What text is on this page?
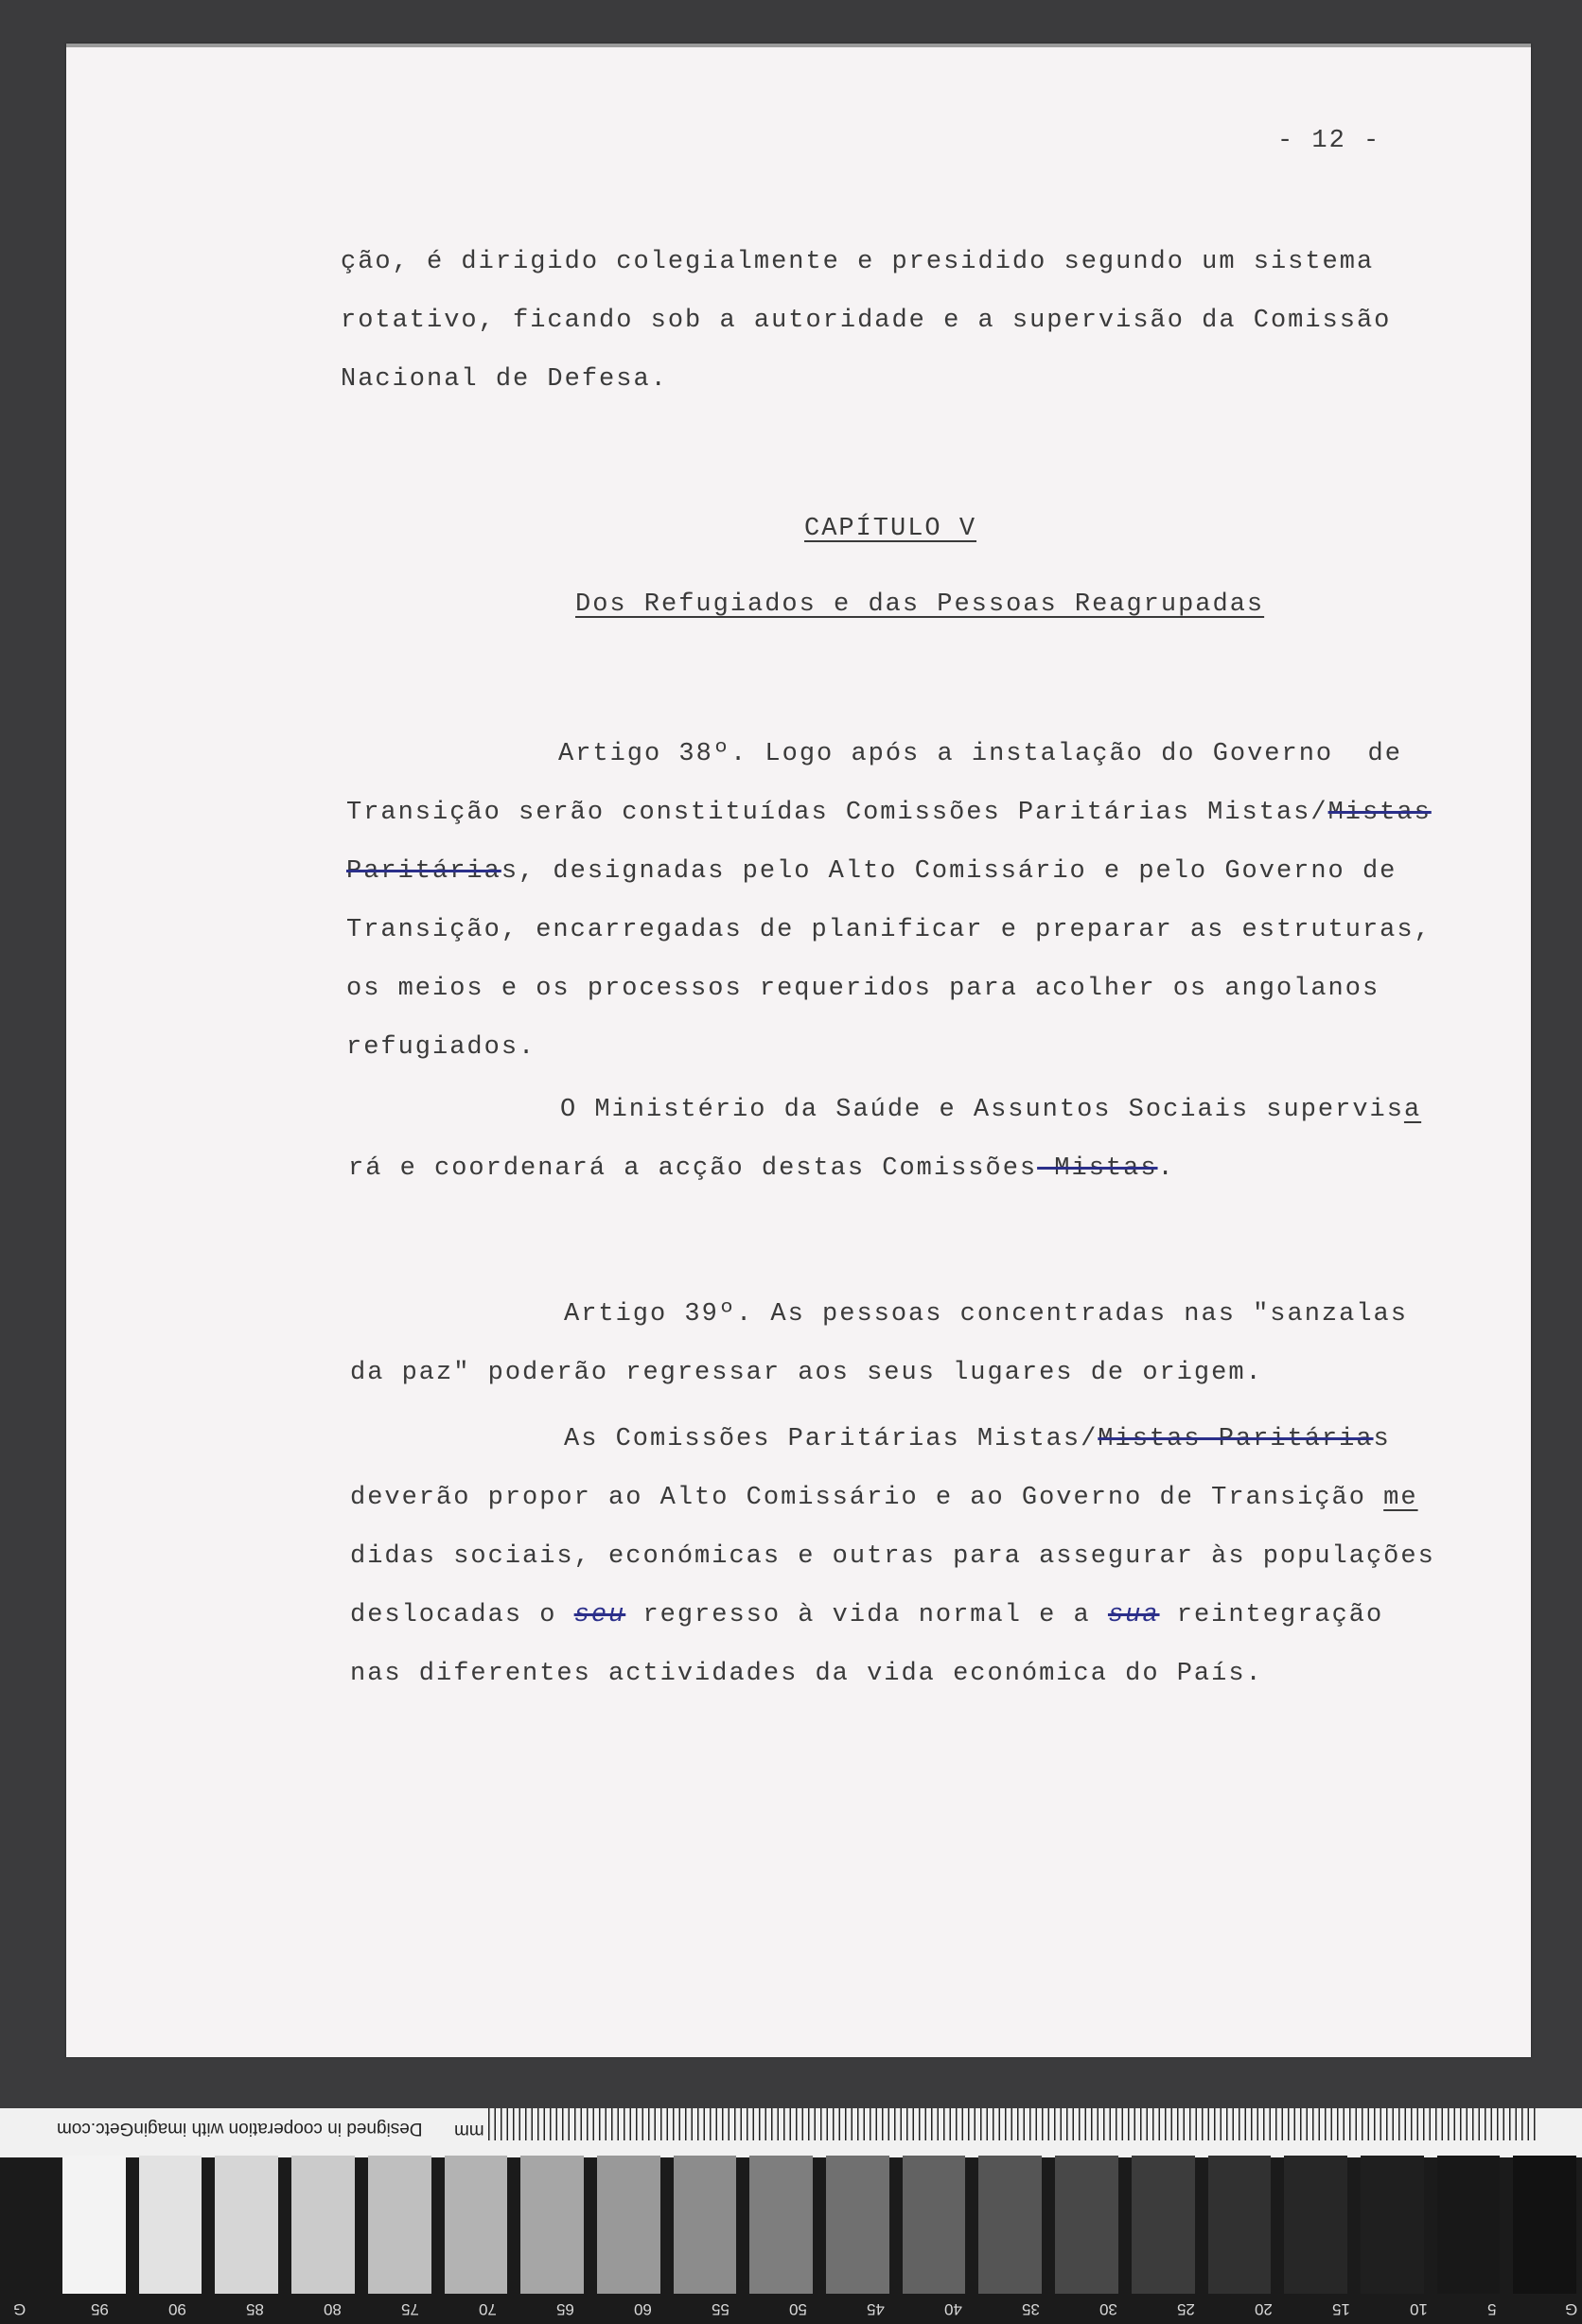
- 12 -
ção, é dirigido colegialmente e presidido segundo um sistema
rotativo, ficando sob a autoridade e a supervisão da Comissão
Nacional de Defesa.
CAPÍTULO V
Dos Refugiados e das Pessoas Reagrupadas
Artigo 38º. Logo após a instalação do Governo  de
Transição serão constituídas Comissões Paritárias Mistas/Mistas
Paritárias, designadas pelo Alto Comissário e pelo Governo de
Transição, encarregadas de planificar e preparar as estruturas,
os meios e os processos requeridos para acolher os angolanos
refugiados.
O Ministério da Saúde e Assuntos Sociais supervisa
rá e coordenará a acção destas Comissões Mistas.
Artigo 39º. As pessoas concentradas nas "sanzalas
da paz" poderão regressar aos seus lugares de origem.
As Comissões Paritárias Mistas/Mistas Paritárias
deverão propor ao Alto Comissário e ao Governo de Transição me
didas sociais, económicas e outras para assegurar às populações
deslocadas o seu regresso à vida normal e a sua reintegração
nas diferentes actividades da vida económica do País.
Designed in cooperation with imaginGetc.com mm
G	95	90	85	80	75	70	65	60	55	50	45	40	35	30	25	20	15	10	5	G
